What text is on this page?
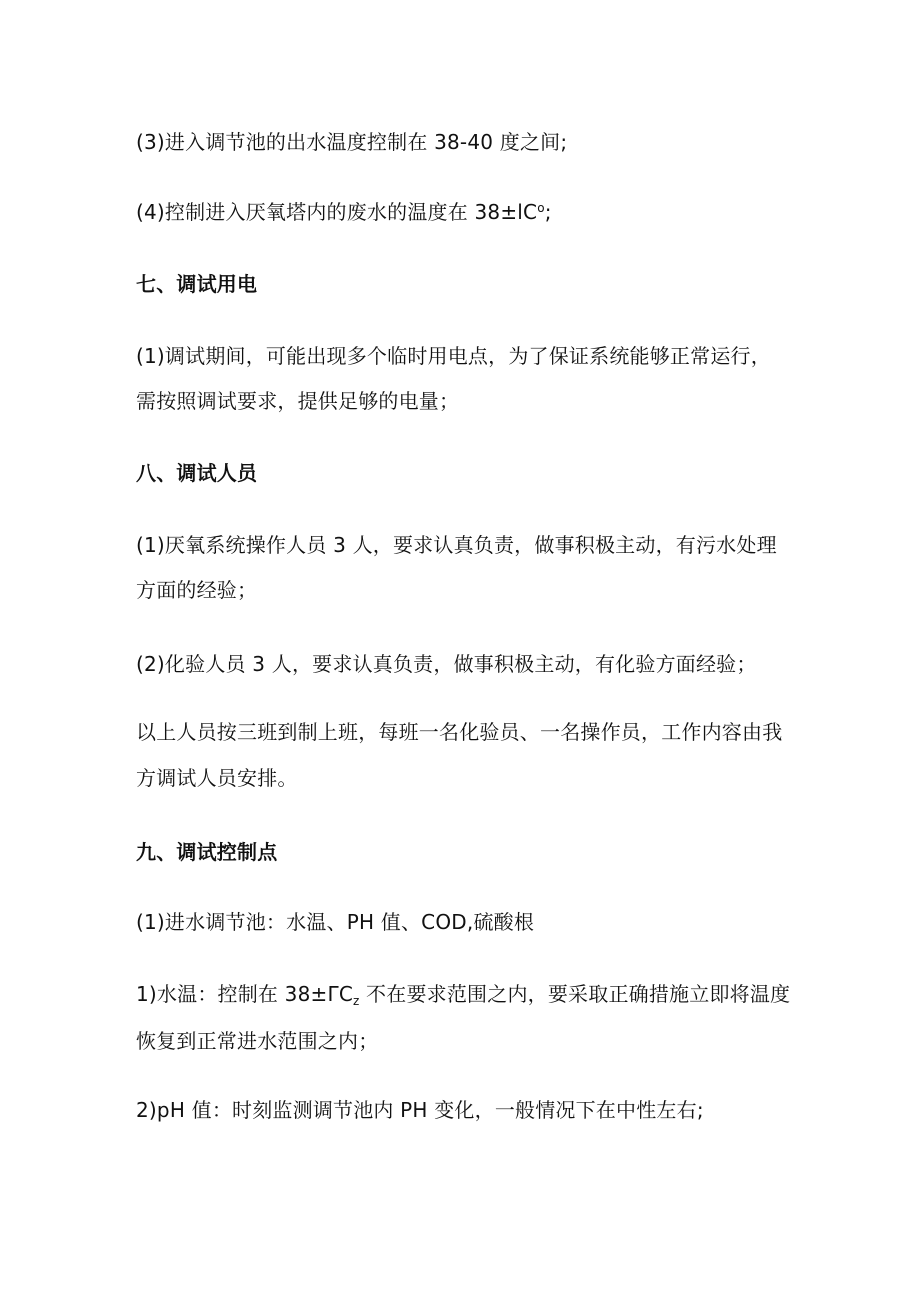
(3)进入调节池的出水温度控制在 38-40 度之间;
(4)控制进入厌氧塔内的废水的温度在 $38\pm lC^o$;
七、调试用电
(1)调试期间，可能出现多个临时用电点，为了保证系统能够正常运行，
需按照调试要求，提供足够的电量；
八、调试人员
(1)厌氧系统操作人员 3 人，要求认真负责，做事积极主动，有污水处理
方面的经验；
(2)化验人员 3 人，要求认真负责，做事积极主动，有化验方面经验；
以上人员按三班到制上班，每班一名化验员、一名操作员，工作内容由我
方调试人员安排。
九、调试控制点
(1)进水调节池：水温、PH 值、COD,硫酸根
1)水温：控制在 $38\pm\Gamma C_z$ 不在要求范围之内，要采取正确措施立即将温度
恢复到正常进水范围之内；
2)pH 值：时刻监测调节池内 PH 变化，一般情况下在中性左右;
